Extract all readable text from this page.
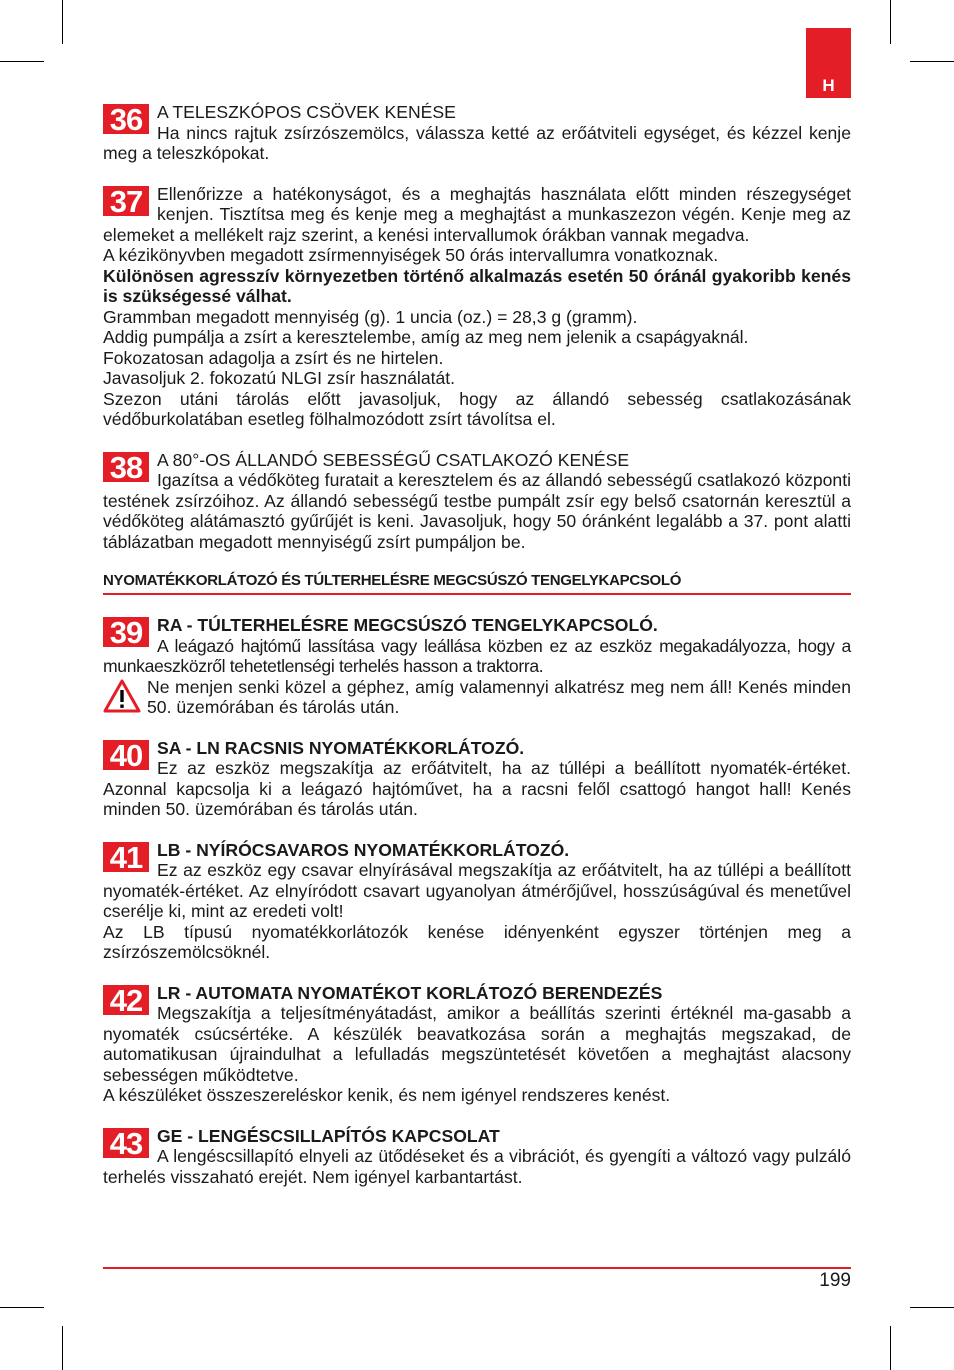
H
36 A TELESZKÓPOS CSÖVEK KENÉSE

Ha nincs rajtuk zsírzószemölcs, válassza ketté az erőátviteli egységet, és kézzel kenje meg a teleszkópokat.

37 Ellenőrizze a hatékonyságot, és a meghajtás használata előtt minden részegységet kenjen. Tisztítsa meg és kenje meg a meghajtást a munkaszezon végén. Kenje meg az elemeket a mellékelt rajz szerint, a kenési intervallumok órákban vannak megadva.

A kézikönyvben megadott zsírmennyiségek 50 órás intervallumra vonatkoznak.

Különösen agresszív környezetben történő alkalmazás esetén 50 óránál gyakoribb kenés is szükségessé válhat.

Grammban megadott mennyiség (g). 1 uncia (oz.) = 28,3 g (gramm).

Addig pumpálja a zsírt a keresztelembe, amíg az meg nem jelenik a csapágyaknál.

Fokozatosan adagolja a zsírt és ne hirtelen.

Javasoljuk 2. fokozatú NLGI zsír használatát.

Szezon utáni tárolás előtt javasoljuk, hogy az állandó sebesség csatlakozásának védőburkolatában esetleg fölhalmozódott zsírt távolítsa el.

38 A 80°-OS ÁLLANDÓ SEBESSÉGŰ CSATLAKOZÓ KENÉSE

Igazítsa a védőköteg furatait a keresztelem és az állandó sebességű csatlakozó központi testének zsírzóihoz. Az állandó sebességű testbe pumpált zsír egy belső csatornán keresztül a védőköteg alátámasztó gyűrűjét is keni. Javasoljuk, hogy 50 óránként legalább a 37. pont alatti táblázatban megadott mennyiségű zsírt pumpáljon be.

NYOMATÉKKORLÁTOZÓ ÉS TÚLTERHELÉSRE MEGCSÚSZÓ TENGELYKAPCSOLÓ
39 RA - TÚLTERHELÉSRE MEGCSÚSZÓ TENGELYKAPCSOLÓ.

A leágazó hajtómű lassítása vagy leállása közben ez az eszköz megakadályozza, hogy a munkaeszközről tehetetlenségi terhelés hasson a traktorra.

Ne menjen senki közel a géphez, amíg valamennyi alkatrész meg nem áll! Kenés minden 50. üzemórában és tárolás után.

40 SA - LN RACSNIS NYOMATÉKKORLÁTOZÓ.

Ez az eszköz megszakítja az erőátvitelt, ha az túllépi a beállított nyomaték-értéket. Azonnal kapcsolja ki a leágazó hajtóművet, ha a racsni felől csattogó hangot hall! Kenés minden 50. üzemórában és tárolás után.

41 LB - NYÍRÓCSAVAROS NYOMATÉKKORLÁTOZÓ.

Ez az eszköz egy csavar elnyírásával megszakítja az erőátvitelt, ha az túllépi a beállított nyomaték-értéket. Az elnyíródott csavart ugyanolyan átmérőjűvel, hosszúságúval és menetűvel cserélje ki, mint az eredeti volt!

Az LB típusú nyomatékkorlátozók kenése idényenként egyszer történjen meg a zsírzószemölcsöknél.

42 LR - AUTOMATA NYOMATÉKOT KORLÁTOZÓ BERENDEZÉS

Megszakítja a teljesítményátadást, amikor a beállítás szerinti értéknél ma-gasabb a nyomaték csúcsértéke. A készülék beavatkozása során a meghajtás megszakad, de automatikusan újraindulhat a lefulladás megszüntetését követően a meghajtást alacsony sebességen működtetve.

A készüléket összeszereléskor kenik, és nem igényel rendszeres kenést.

43 GE - LENGÉSCSILLAPÍTÓS KAPCSOLAT

A lengéscsillapító elnyeli az ütődéseket és a vibrációt, és gyengíti a változó vagy pulzáló terhelés visszaható erejét. Nem igényel karbantartást.

199
